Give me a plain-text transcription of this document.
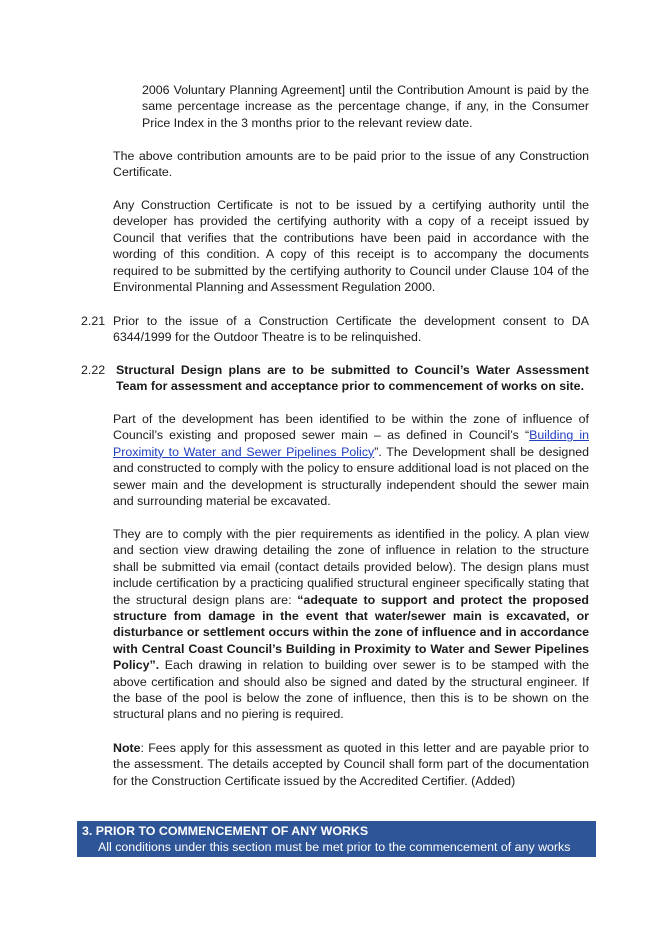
2006 Voluntary Planning Agreement] until the Contribution Amount is paid by the same percentage increase as the percentage change, if any, in the Consumer Price Index in the 3 months prior to the relevant review date.

The above contribution amounts are to be paid prior to the issue of any Construction Certificate.

Any Construction Certificate is not to be issued by a certifying authority until the developer has provided the certifying authority with a copy of a receipt issued by Council that verifies that the contributions have been paid in accordance with the wording of this condition. A copy of this receipt is to accompany the documents required to be submitted by the certifying authority to Council under Clause 104 of the Environmental Planning and Assessment Regulation 2000.

2.21 Prior to the issue of a Construction Certificate the development consent to DA 6344/1999 for the Outdoor Theatre is to be relinquished.

2.22 Structural Design plans are to be submitted to Council’s Water Assessment Team for assessment and acceptance prior to commencement of works on site.

Part of the development has been identified to be within the zone of influence of Council’s existing and proposed sewer main – as defined in Council’s “Building in Proximity to Water and Sewer Pipelines Policy”. The Development shall be designed and constructed to comply with the policy to ensure additional load is not placed on the sewer main and the development is structurally independent should the sewer main and surrounding material be excavated.

They are to comply with the pier requirements as identified in the policy. A plan view and section view drawing detailing the zone of influence in relation to the structure shall be submitted via email (contact details provided below). The design plans must include certification by a practicing qualified structural engineer specifically stating that the structural design plans are: “adequate to support and protect the proposed structure from damage in the event that water/sewer main is excavated, or disturbance or settlement occurs within the zone of influence and in accordance with Central Coast Council’s Building in Proximity to Water and Sewer Pipelines Policy”. Each drawing in relation to building over sewer is to be stamped with the above certification and should also be signed and dated by the structural engineer. If the base of the pool is below the zone of influence, then this is to be shown on the structural plans and no piering is required.

Note: Fees apply for this assessment as quoted in this letter and are payable prior to the assessment. The details accepted by Council shall form part of the documentation for the Construction Certificate issued by the Accredited Certifier. (Added)

3. PRIOR TO COMMENCEMENT OF ANY WORKS
All conditions under this section must be met prior to the commencement of any works
